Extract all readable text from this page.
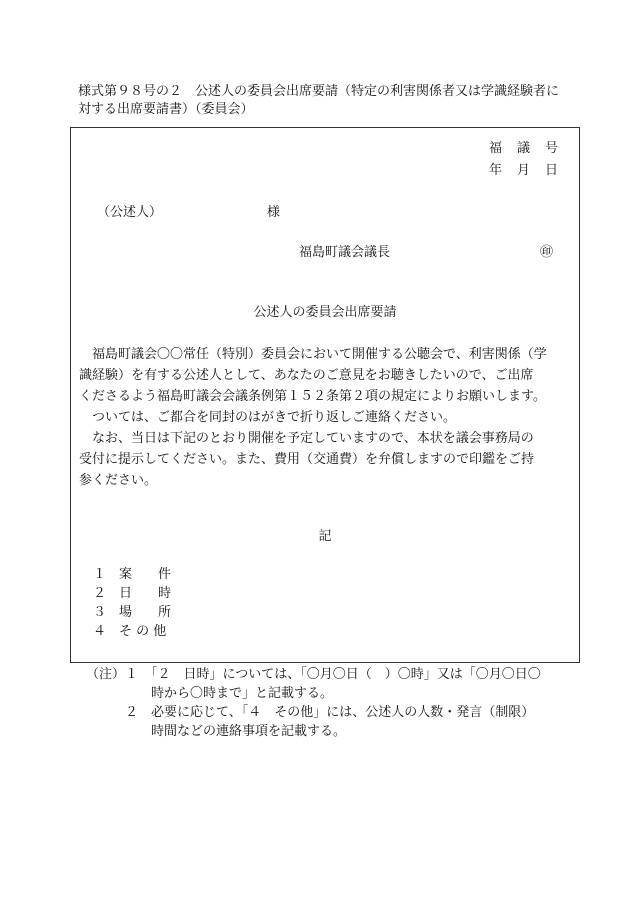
様式第９８号の２　公述人の委員会出席要請（特定の利害関係者又は学識経験者に対する出席要請書）（委員会）
福　議　号
年　月　日
（公述人）	様
福島町議会議長	㊞
公述人の委員会出席要請

　福島町議会〇〇常任（特別）委員会において開催する公聴会で、利害関係（学

識経験）を有する公述人として、あなたのご意見をお聴きしたいので、ご出席

くださるよう福島町議会会議条例第１５２条第２項の規定によりお願いします。

　ついては、ご都合を同封のはがきで折り返しご連絡ください。

　なお、当日は下記のとおり開催を予定していますので、本状を議会事務局の

受付に提示してください。また、費用（交通費）を弁償しますので印鑑をご持

参ください。

記
１　案　　件
２　日　　時
３　場　　所
４　そ の 他
（注）１　「２　日時」については、「〇月〇日（　）〇時」又は「〇月〇日〇
　　　　　時から〇時まで」と記載する。
　　　２　必要に応じて、「４　その他」には、公述人の人数・発言（制限）
　　　　　時間などの連絡事項を記載する。
